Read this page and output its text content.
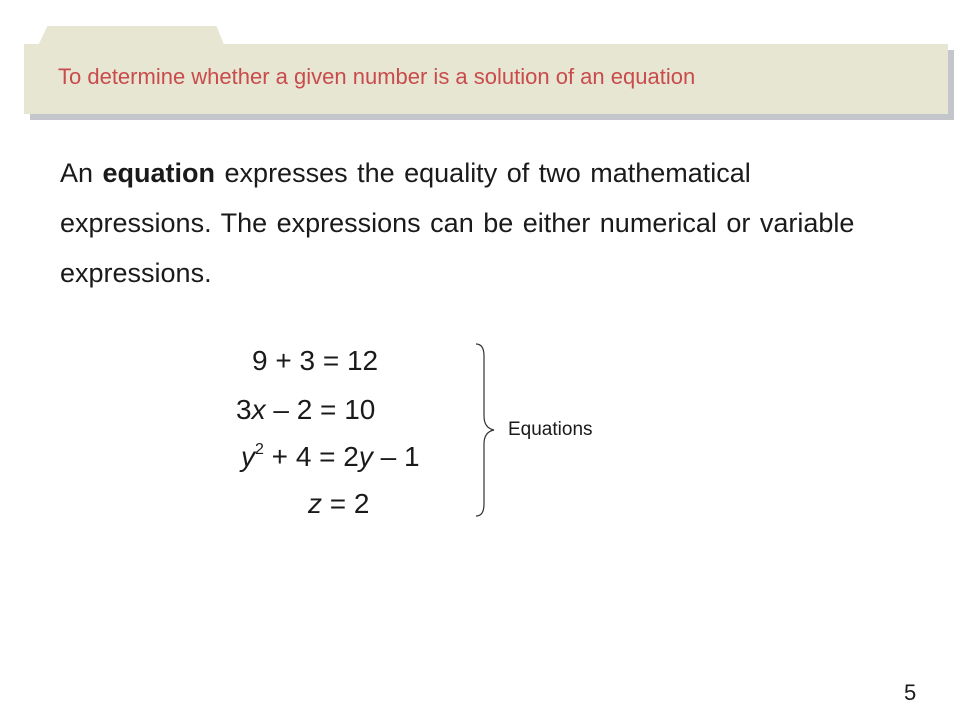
To determine whether a given number is a solution of an equation
An equation expresses the equality of two mathematical expressions. The expressions can be either numerical or variable expressions.
9 + 3 = 12
3x – 2 = 10
$y^2 + 4 = 2y - 1$
z = 2
Equations
5
